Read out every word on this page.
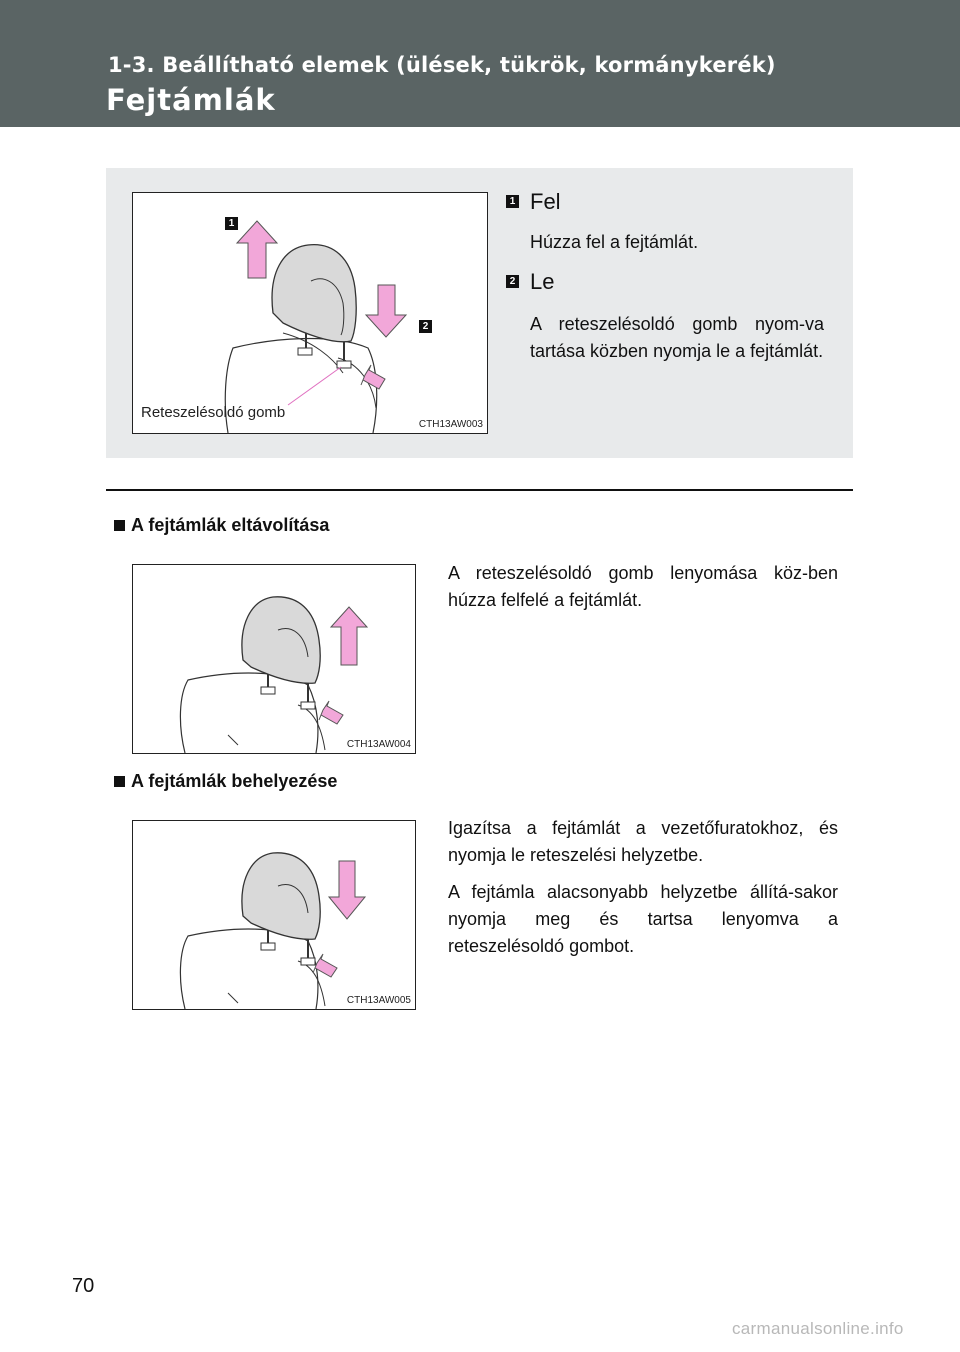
1-3. Beállítható elemek (ülések, tükrök, kormánykerék)
Fejtámlák
1
2
Reteszelésoldó gomb
CTH13AW003
1 Fel
Húzza fel a fejtámlát.
2 Le
A reteszelésoldó gomb nyom-va tartása közben nyomja le a fejtámlát.
A fejtámlák eltávolítása
CTH13AW004

A reteszelésoldó gomb lenyomása köz-ben húzza felfelé a fejtámlát.

A fejtámlák behelyezése
CTH13AW005

Igazítsa a fejtámlát a vezetőfuratokhoz, és nyomja le reteszelési helyzetbe.

A fejtámla alacsonyabb helyzetbe állítá-sakor nyomja meg és tartsa lenyomva a reteszelésoldó gombot.

70
carmanualsonline.info
